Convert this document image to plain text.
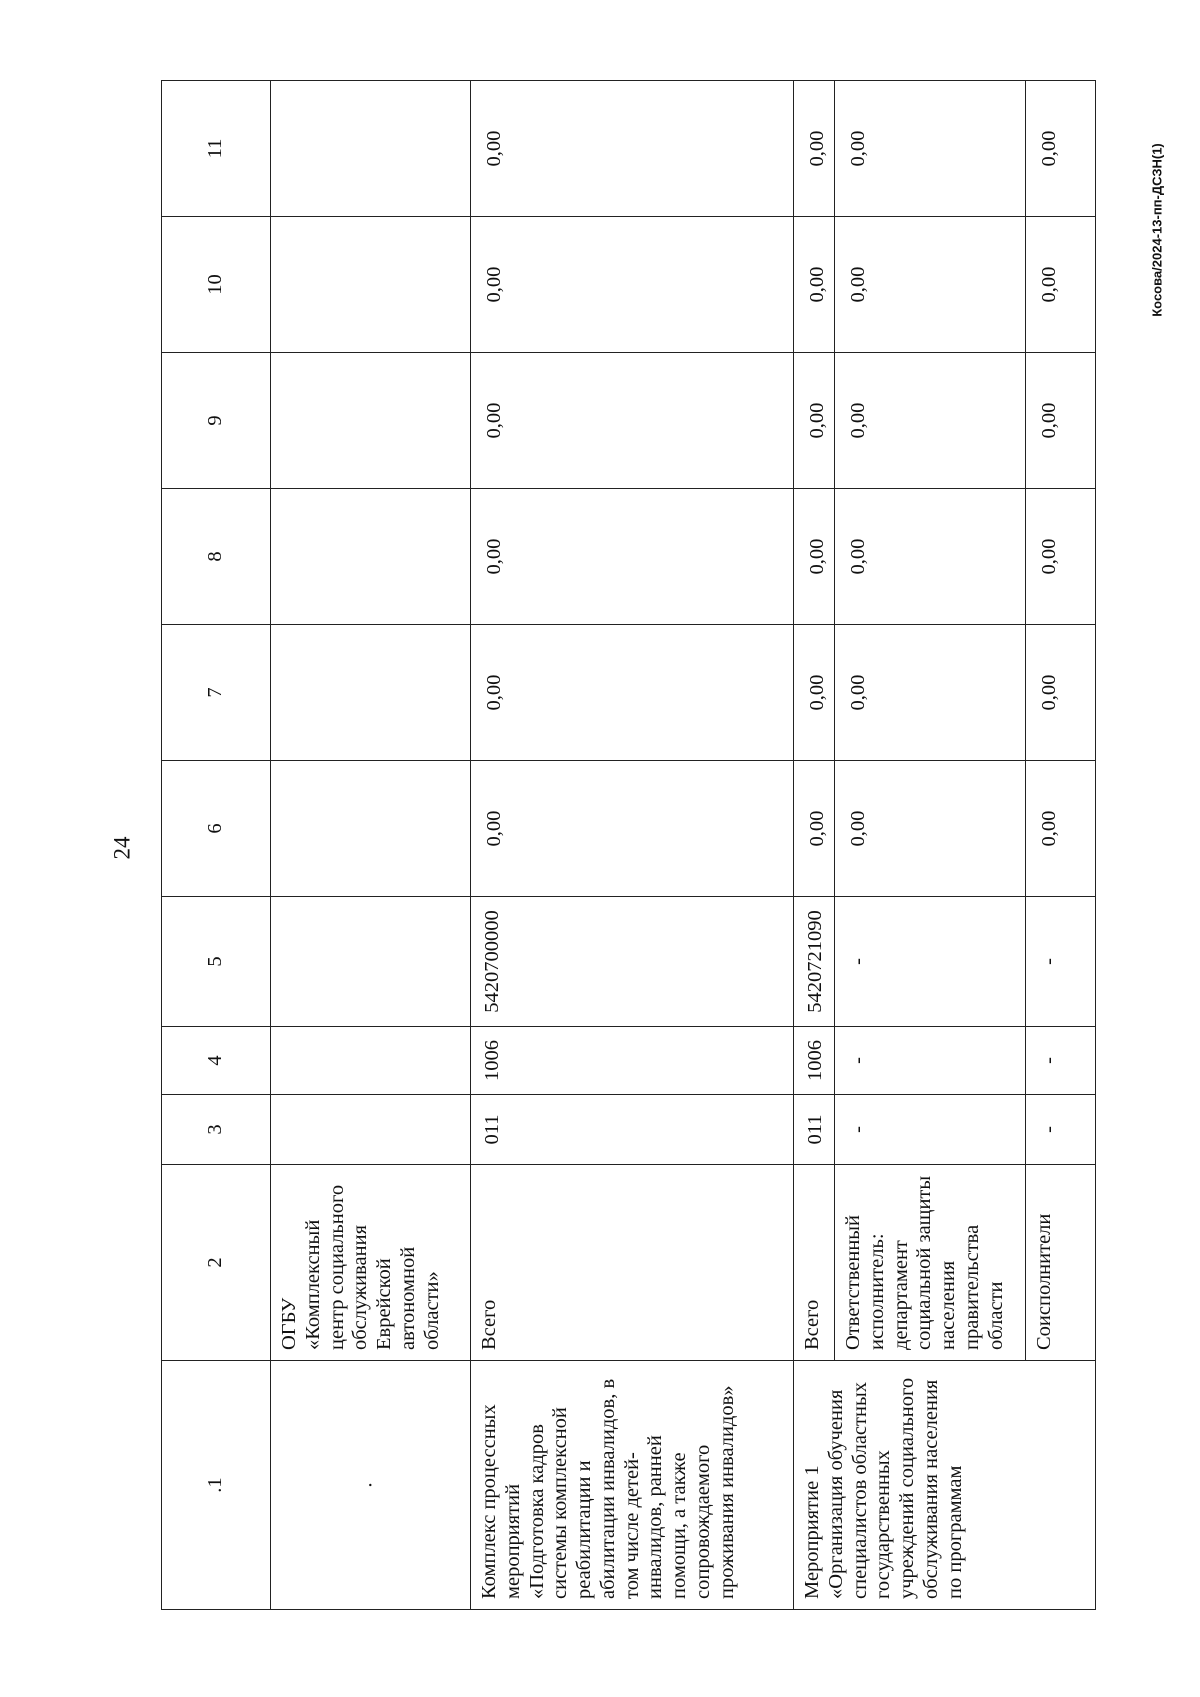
24
Косова/2024-13-пп-ДСЗН(1)
.1	2	3	4	5	6	7	8	9	10	11
·	ОГБУ «Комплексный центр социального обслуживания Еврейской автономной области»									
Комплекс процессных мероприятий «Подготовка кадров системы комплексной реабилитации и абилитации инвалидов, в том числе детей-инвалидов, ранней помощи, а также сопровождаемого проживания инвалидов»	Всего	011	1006	5420700000	0,00	0,00	0,00	0,00	0,00	0,00

Мероприятие 1 «Организация обучения специалистов областных государственных учреждений социального обслуживания населения по программам	Всего	011	1006	5420721090	0,00	0,00	0,00	0,00	0,00	0,00
	Ответственный исполнитель: департамент социальной защиты населения правительства области	-	-	-	0,00	0,00	0,00	0,00	0,00	0,00
	Соисполнители	-	-	-	0,00	0,00	0,00	0,00	0,00	0,00
